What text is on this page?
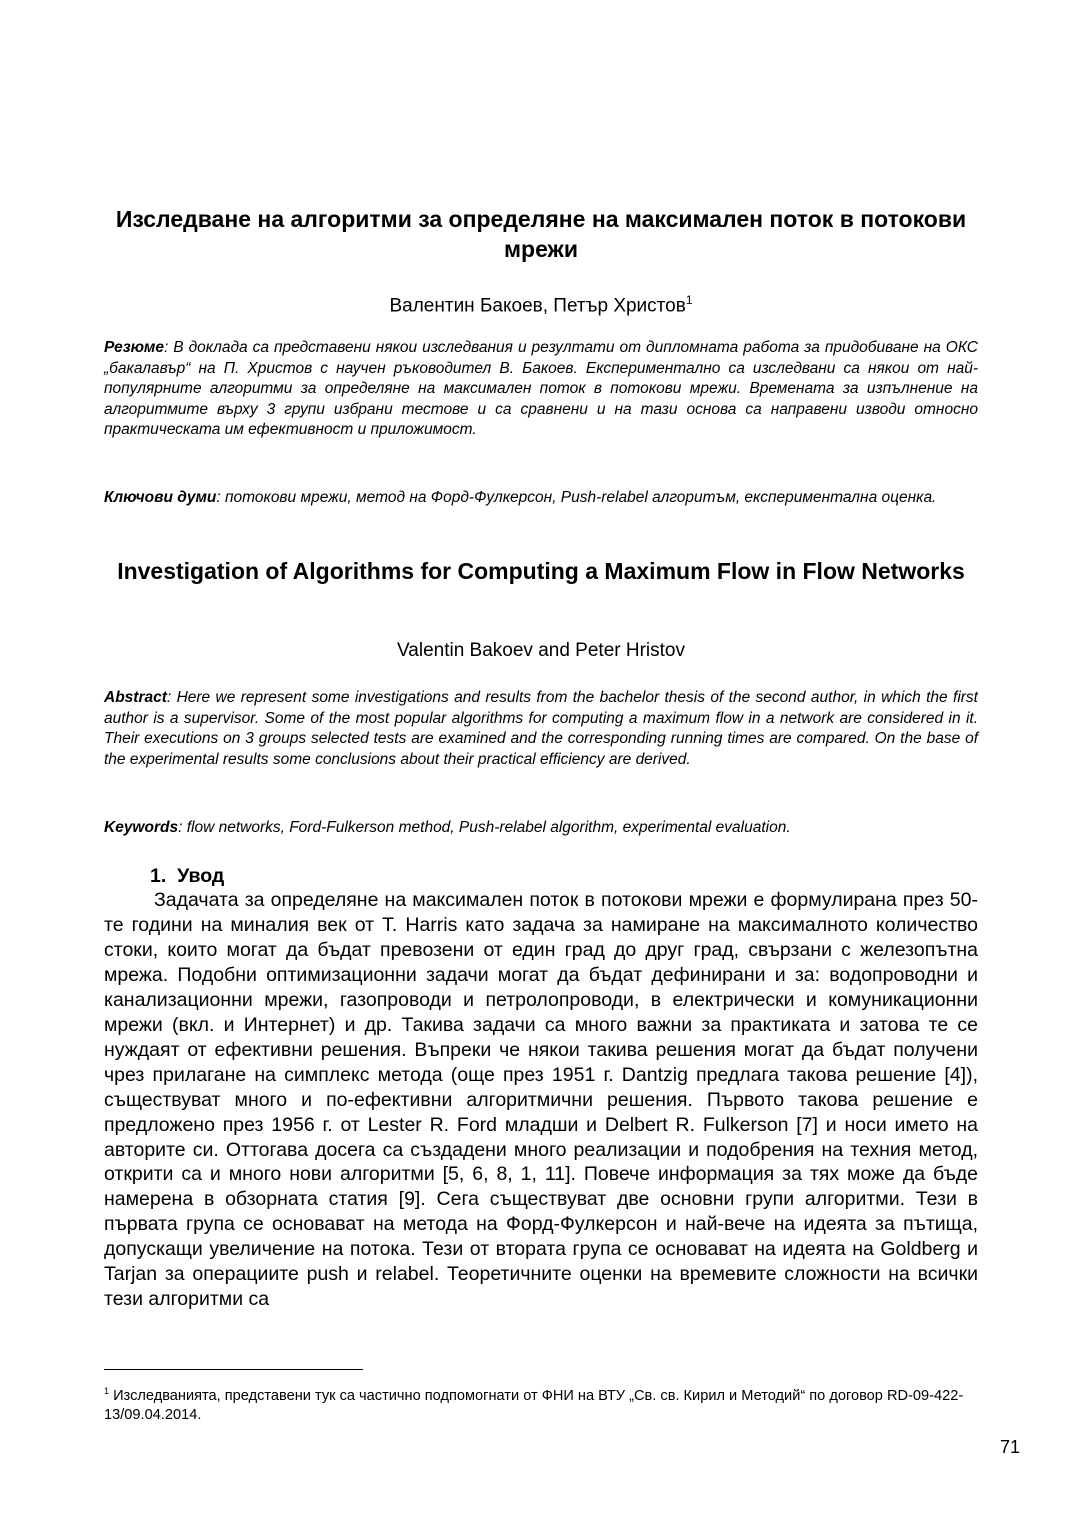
Изследване на алгоритми за определяне на максимален поток в потокови мрежи
Валентин Бакоев, Петър Христов$^1$
Резюме: В доклада са представени някои изследвания и резултати от дипломната работа за придобиване на ОКС „бакалавър“ на П. Христов с научен ръководител В. Бакоев. Експериментално са изследвани са някои от най-популярните алгоритми за определяне на максимален поток в потокови мрежи. Времената за изпълнение на алгоритмите върху 3 групи избрани тестове и са сравнени и на тази основа са направени изводи относно практическата им ефективност и приложимост.
Ключови думи: потокови мрежи, метод на Форд-Фулкерсон, Push-relabel алгоритъм, експериментална оценка.
Investigation of Algorithms for Computing a Maximum Flow in Flow Networks
Valentin Bakoev and Peter Hristov
Abstract: Here we represent some investigations and results from the bachelor thesis of the second author, in which the first author is a supervisor. Some of the most popular algorithms for computing a maximum flow in a network are considered in it. Their executions on 3 groups selected tests are examined and the corresponding running times are compared. On the base of the experimental results some conclusions about their practical efficiency are derived.
Keywords: flow networks, Ford-Fulkerson method, Push-relabel algorithm, experimental evaluation.
1. Увод
Задачата за определяне на максимален поток в потокови мрежи е формулирана през 50-те години на миналия век от T. Harris като задача за намиране на максималното количество стоки, които могат да бъдат превозени от един град до друг град, свързани с железопътна мрежа. Подобни оптимизационни задачи могат да бъдат дефинирани и за: водопроводни и канализационни мрежи, газопроводи и петролопроводи, в електрически и комуникационни мрежи (вкл. и Интернет) и др. Такива задачи са много важни за практиката и затова те се нуждаят от ефективни решения. Въпреки че някои такива решения могат да бъдат получени чрез прилагане на симплекс метода (още през 1951 г. Dantzig предлага такова решение [4]), съществуват много и по-ефективни алгоритмични решения. Първото такова решение е предложено през 1956 г. от Lester R. Ford младши и Delbert R. Fulkerson [7] и носи името на авторите си. Оттогава досега са създадени много реализации и подобрения на техния метод, открити са и много нови алгоритми [5, 6, 8, 1, 11]. Повече информация за тях може да бъде намерена в обзорната статия [9]. Сега съществуват две основни групи алгоритми. Тези в първата група се основават на метода на Форд-Фулкерсон и най-вече на идеята за пътища, допускащи увеличение на потока. Тези от втората група се основават на идеята на Goldberg и Tarjan за операциите push и relabel. Теоретичните оценки на времевите сложности на всички тези алгоритми са
$^1$ Изследванията, представени тук са частично подпомогнати от ФНИ на ВТУ „Св. св. Кирил и Методий“ по договор RD-09-422-13/09.04.2014.
71
